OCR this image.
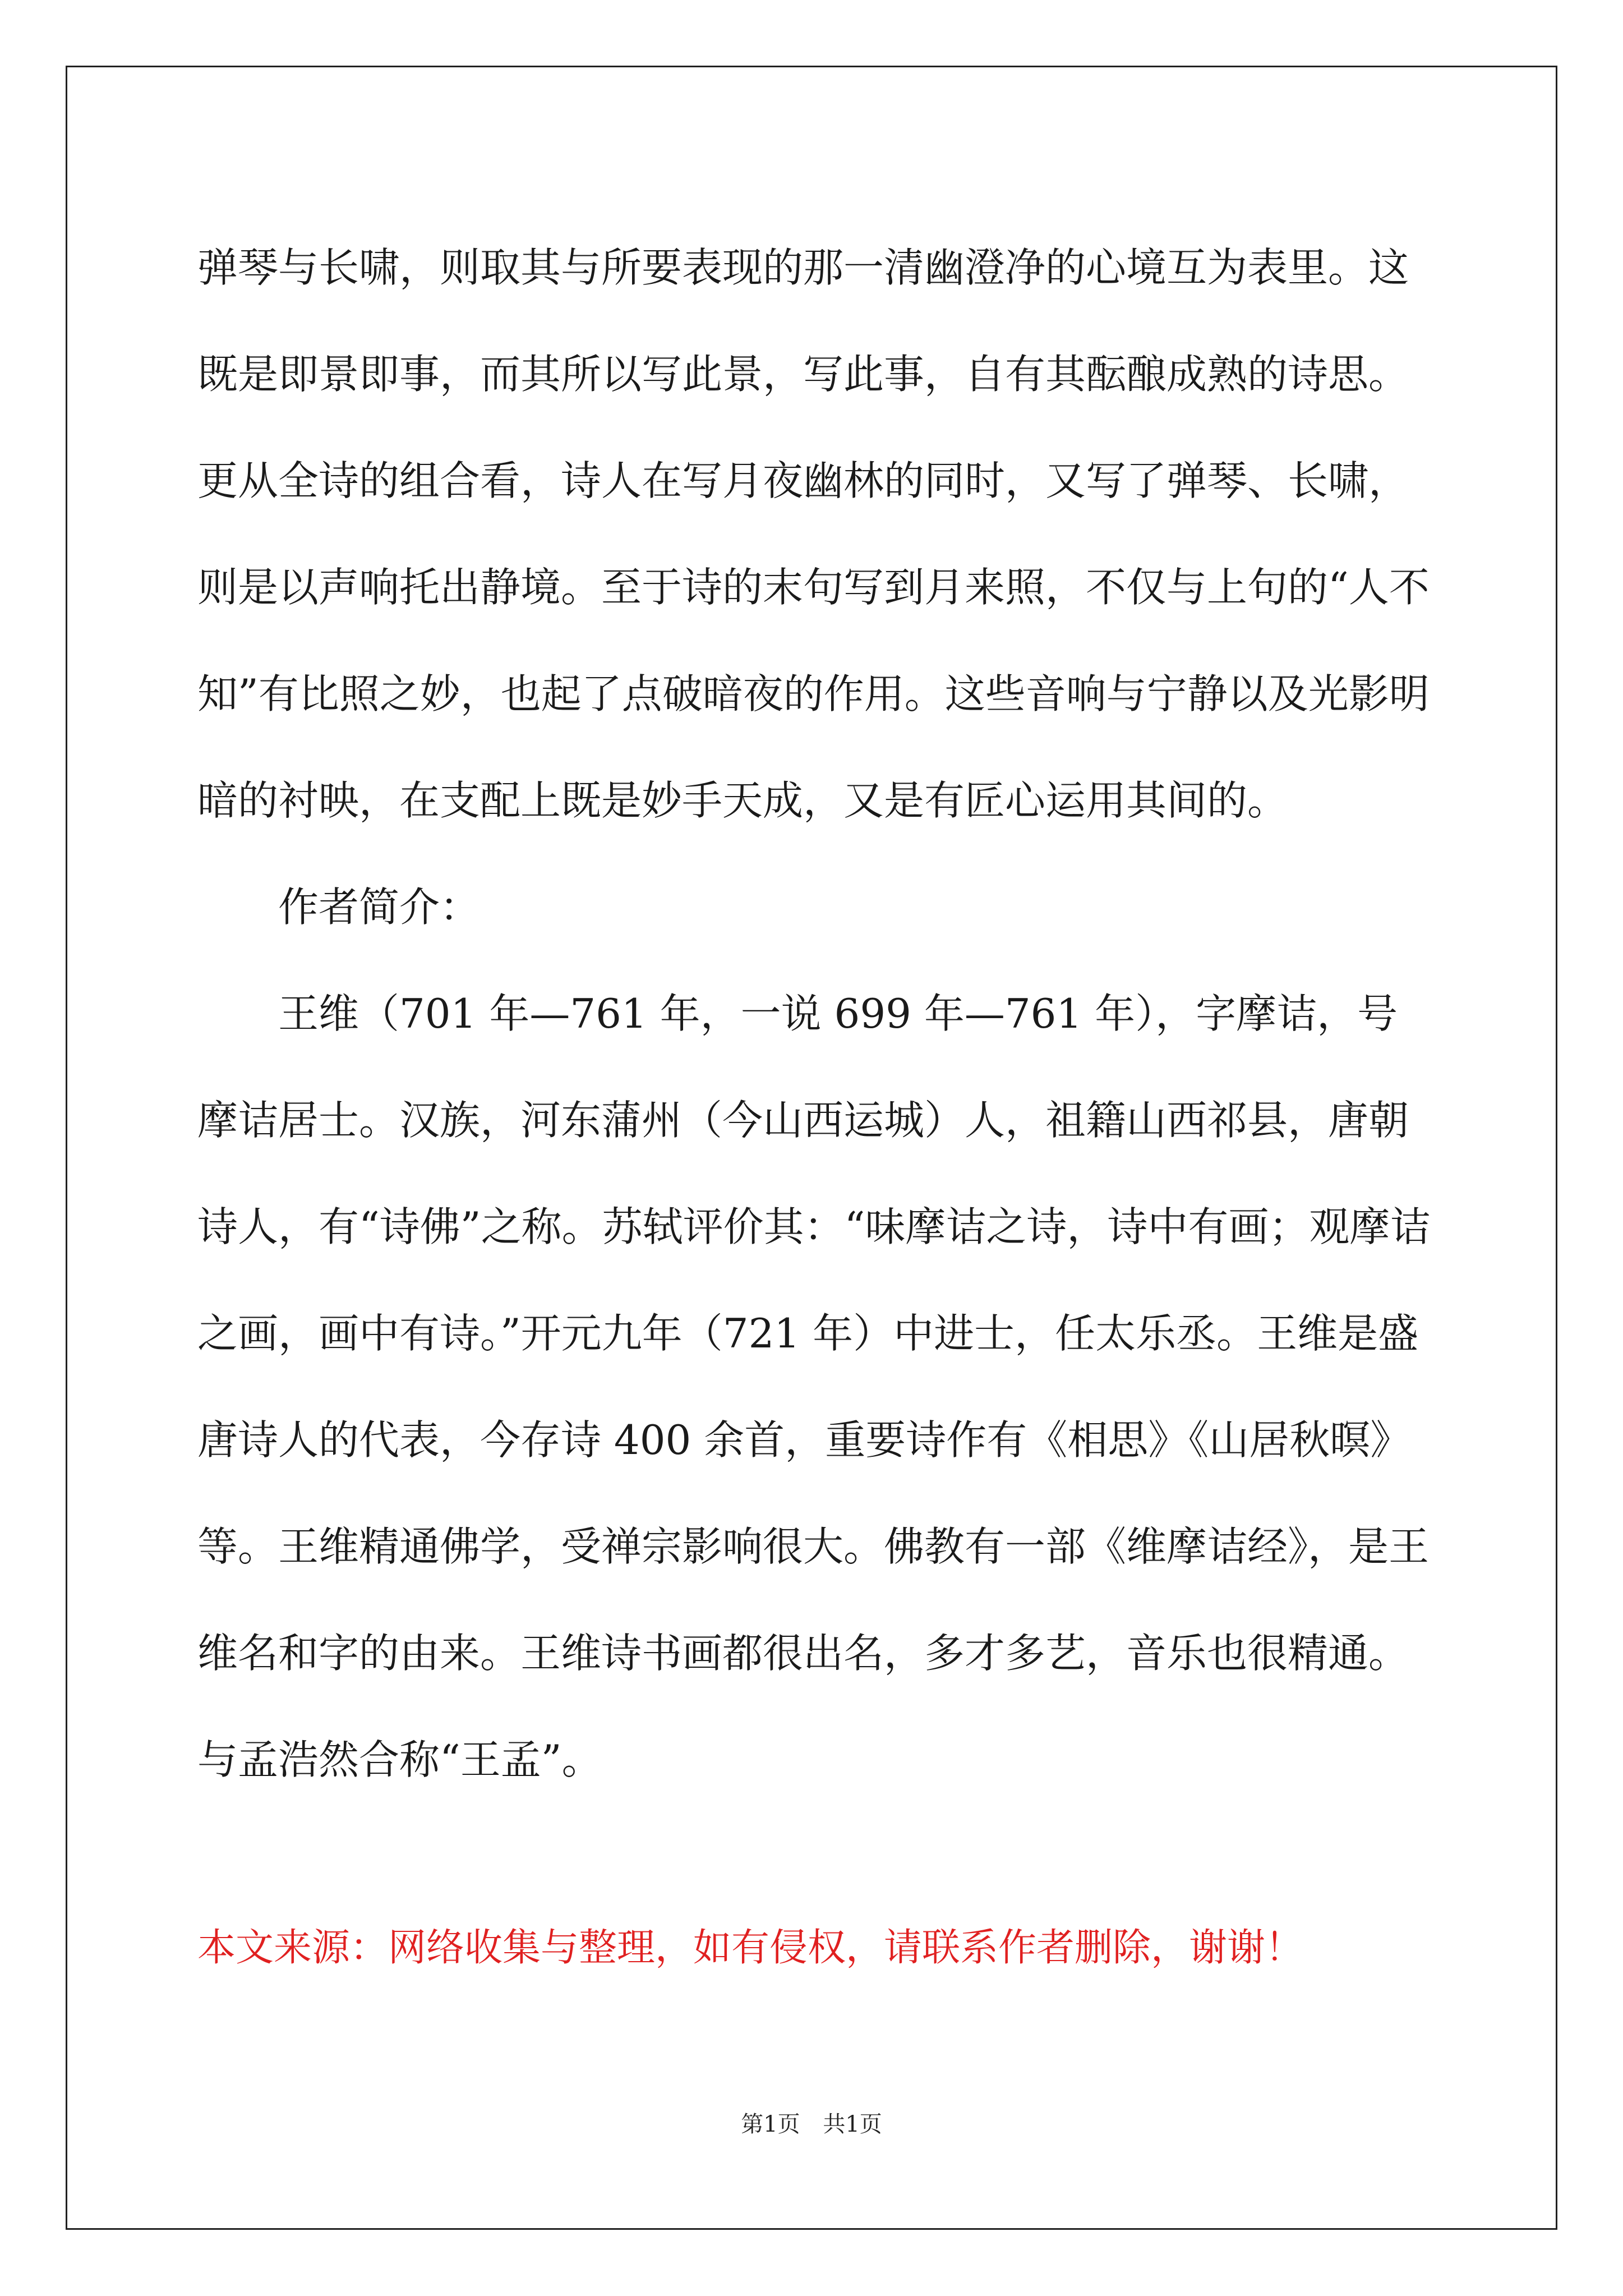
弹琴与长啸，则取其与所要表现的那一清幽澄净的心境互为表里。这既是即景即事，而其所以写此景，写此事，自有其酝酿成熟的诗思。更从全诗的组合看，诗人在写月夜幽林的同时，又写了弹琴、长啸，则是以声响托出静境。至于诗的末句写到月来照，不仅与上句的“人不知”有比照之妙，也起了点破暗夜的作用。这些音响与宁静以及光影明暗的衬映，在支配上既是妙手天成，又是有匠心运用其间的。

作者简介：

王维（701 年—761 年，一说 699 年—761 年），字摩诘，号摩诘居士。汉族，河东蒲州（今山西运城）人，祖籍山西祁县，唐朝诗人，有“诗佛”之称。苏轼评价其：“味摩诘之诗，诗中有画；观摩诘之画，画中有诗。”开元九年（721 年）中进士，任太乐丞。王维是盛唐诗人的代表，今存诗 400 余首，重要诗作有《相思》《山居秋暝》等。王维精通佛学，受禅宗影响很大。佛教有一部《维摩诘经》，是王维名和字的由来。王维诗书画都很出名，多才多艺，音乐也很精通。与孟浩然合称“王孟”。

本文来源：网络收集与整理，如有侵权，请联系作者删除，谢谢！
第1页 共1页
